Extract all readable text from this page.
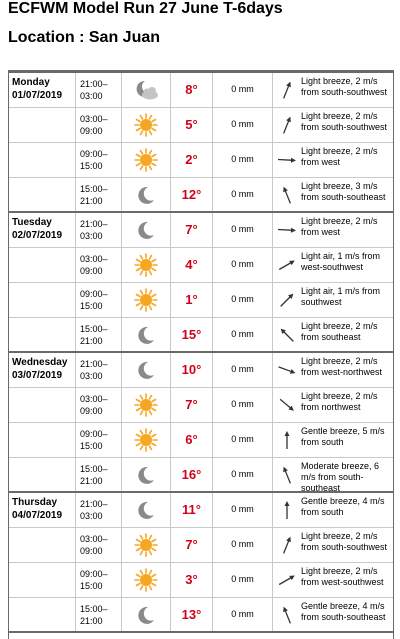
ECFWM Model Run 27 June T-6days
Location : San Juan
Monday
01/07/2019
21:00–
03:00	8°	0 mm
Light breeze, 2 m/s from south-southwest
03:00–
09:00	5°	0 mm
Light breeze, 2 m/s from south-southwest
09:00–
15:00	2°	0 mm
Light breeze, 2 m/s from west
15:00–
21:00	12°	0 mm
Light breeze, 3 m/s from south-southeast
Tuesday
02/07/2019
21:00–
03:00	7°	0 mm
Light breeze, 2 m/s from west
03:00–
09:00	4°	0 mm
Light air, 1 m/s from west-southwest
09:00–
15:00	1°	0 mm
Light air, 1 m/s from southwest
15:00–
21:00	15°	0 mm
Light breeze, 2 m/s from southeast
Wednesday
03/07/2019
21:00–
03:00	10°	0 mm
Light breeze, 2 m/s from west-northwest
03:00–
09:00	7°	0 mm
Light breeze, 2 m/s from northwest
09:00–
15:00	6°	0 mm
Gentle breeze, 5 m/s from south
15:00–
21:00	16°	0 mm
Moderate breeze, 6 m/s from south-southeast
Thursday
04/07/2019
21:00–
03:00	11°	0 mm
Gentle breeze, 4 m/s from south
03:00–
09:00	7°	0 mm
Light breeze, 2 m/s from south-southwest
09:00–
15:00	3°	0 mm
Light breeze, 2 m/s from west-southwest
15:00–
21:00	13°	0 mm
Gentle breeze, 4 m/s from south-southeast
